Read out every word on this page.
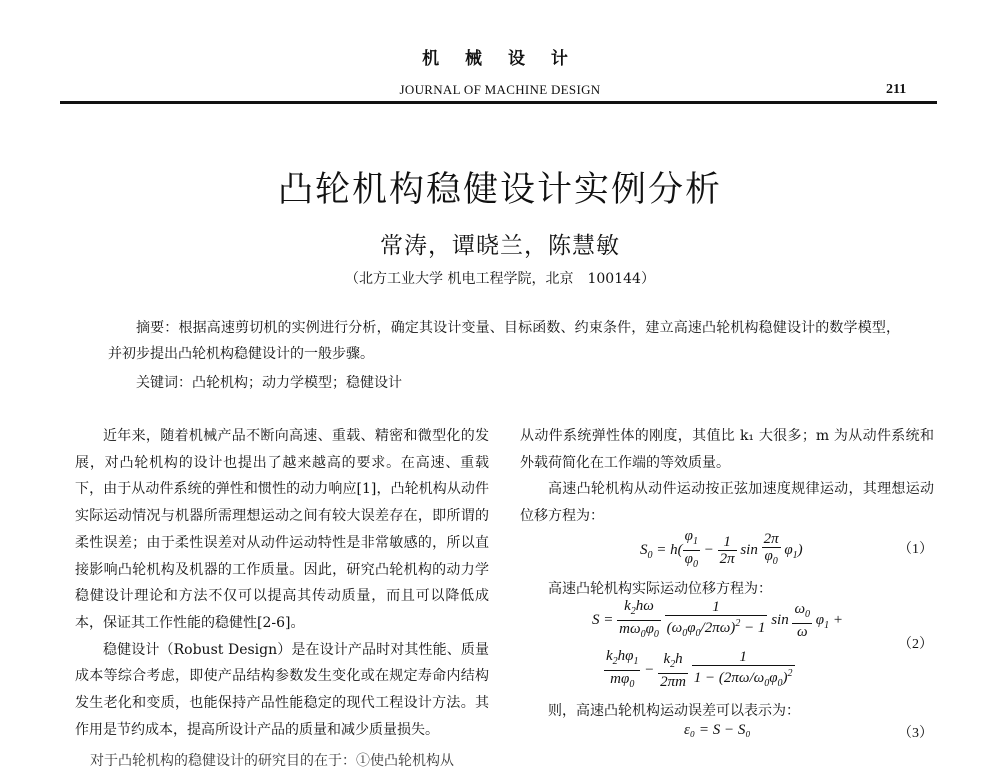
机 械 设 计
JOURNAL OF MACHINE DESIGN	211
凸轮机构稳健设计实例分析
常涛，谭晓兰，陈慧敏
（北方工业大学 机电工程学院，北京　100144）
摘要：根据高速剪切机的实例进行分析，确定其设计变量、目标函数、约束条件，建立高速凸轮机构稳健设计的数学模型，并初步提出凸轮机构稳健设计的一般步骤。
关键词：凸轮机构；动力学模型；稳健设计

近年来，随着机械产品不断向高速、重载、精密和微型化的发展，对凸轮机构的设计也提出了越来越高的要求。在高速、重载下，由于从动件系统的弹性和惯性的动力响应[1]，凸轮机构从动件实际运动情况与机器所需理想运动之间有较大误差存在，即所谓的柔性误差；由于柔性误差对从动件运动特性是非常敏感的，所以直接影响凸轮机构及机器的工作质量。因此，研究凸轮机构的动力学稳健设计理论和方法不仅可以提高其传动质量，而且可以降低成本，保证其工作性能的稳健性[2-6]。

稳健设计（Robust Design）是在设计产品时对其性能、质量成本等综合考虑，即使产品结构参数发生变化或在规定寿命内结构发生老化和变质，也能保持产品性能稳定的现代工程设计方法。其作用是节约成本，提高所设计产品的质量和减少质量损失。

对于凸轮机构的稳健设计的研究目的在于：①使凸轮机构从

从动件系统弹性体的刚度，其值比 k₁ 大很多；m 为从动件系统和外载荷简化在工作端的等效质量。

高速凸轮机构从动件运动按正弦加速度规律运动，其理想运动位移方程为：

$S_0 = h( \frac{\varphi_1}{\varphi_0} - \frac{1}{2\pi}$ $\sin \frac{2\pi}{\varphi_0} \varphi_1$)	（1）
高速凸轮机构实际运动位移方程为：
$S = \frac{k_2h\omega}{m\omega_0\varphi_0}$
$\frac{1}{(\omega_0\varphi_0/2\pi\omega)^2 - 1}$ $\sin \frac{\omega_0}{\omega} \varphi_1$ +
（2）
$\frac{k_2h\varphi_1}{m\varphi_0} - \frac{k_2h}{2\pi m}$
$\frac{1}{1 - (2\pi\omega/\omega_0\varphi_0)^2}$
则，高速凸轮机构运动误差可以表示为：
ε₀ = S − S₀	（3）
